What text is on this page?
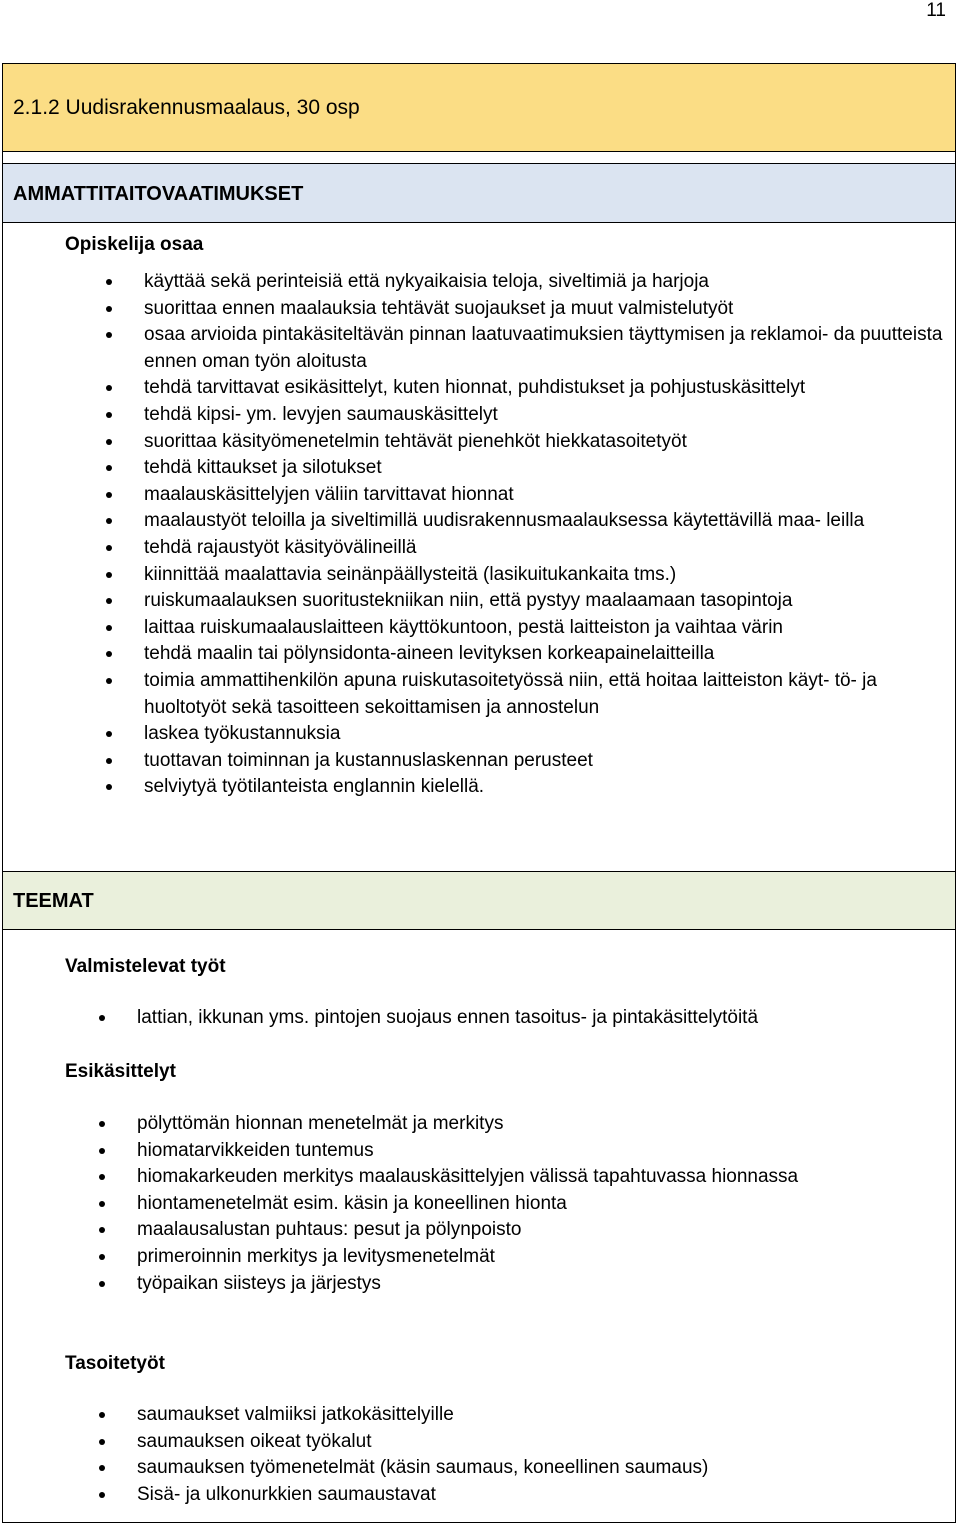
11
2.1.2 Uudisrakennusmaalaus, 30 osp
AMMATTITAITOVAATIMUKSET
Opiskelija osaa
käyttää sekä perinteisiä että nykyaikaisia teloja, siveltimiä ja harjoja
suorittaa ennen maalauksia tehtävät suojaukset ja muut valmistelutyöt
osaa arvioida pintakäsiteltävän pinnan laatuvaatimuksien täyttymisen ja reklamoi- da puutteista ennen oman työn aloitusta
tehdä tarvittavat esikäsittelyt, kuten hionnat, puhdistukset ja pohjustuskäsittelyt
tehdä kipsi- ym. levyjen saumauskäsittelyt
suorittaa käsityömenetelmin tehtävät pienehköt hiekkatasoitetyöt
tehdä kittaukset ja silotukset
maalauskäsittelyjen väliin tarvittavat hionnat
maalaustyöt teloilla ja siveltimillä uudisrakennusmaalauksessa käytettävillä maa- leilla
tehdä rajaustyöt käsityövälineillä
kiinnittää maalattavia seinänpäällysteitä (lasikuitukankaita tms.)
ruiskumaalauksen suoritustekniikan niin, että pystyy maalaamaan tasopintoja
laittaa ruiskumaalauslaitteen käyttökuntoon, pestä laitteiston ja vaihtaa värin
tehdä maalin tai pölynsidonta-aineen levityksen korkeapainelaitteilla
toimia ammattihenkilön apuna ruiskutasoitetyössä niin, että hoitaa laitteiston käyt- tö- ja huoltotyöt sekä tasoitteen sekoittamisen ja annostelun
laskea työkustannuksia
tuottavan toiminnan ja kustannuslaskennan perusteet
selviytyä työtilanteista englannin kielellä.
TEEMAT
Valmistelevat työt
lattian, ikkunan yms. pintojen suojaus ennen tasoitus- ja pintakäsittelytöitä
Esikäsittelyt
pölyttömän hionnan menetelmät ja merkitys
hiomatarvikkeiden tuntemus
hiomakarkeuden merkitys maalauskäsittelyjen välissä tapahtuvassa hionnassa
hiontamenetelmät esim. käsin ja koneellinen hionta
maalausalustan puhtaus: pesut ja pölynpoisto
primeroinnin merkitys ja levitysmenetelmät
työpaikan siisteys ja järjestys
Tasoitetyöt
saumaukset valmiiksi jatkokäsittelyille
saumauksen oikeat työkalut
saumauksen työmenetelmät (käsin saumaus, koneellinen saumaus)
Sisä- ja ulkonurkkien saumaustavat
